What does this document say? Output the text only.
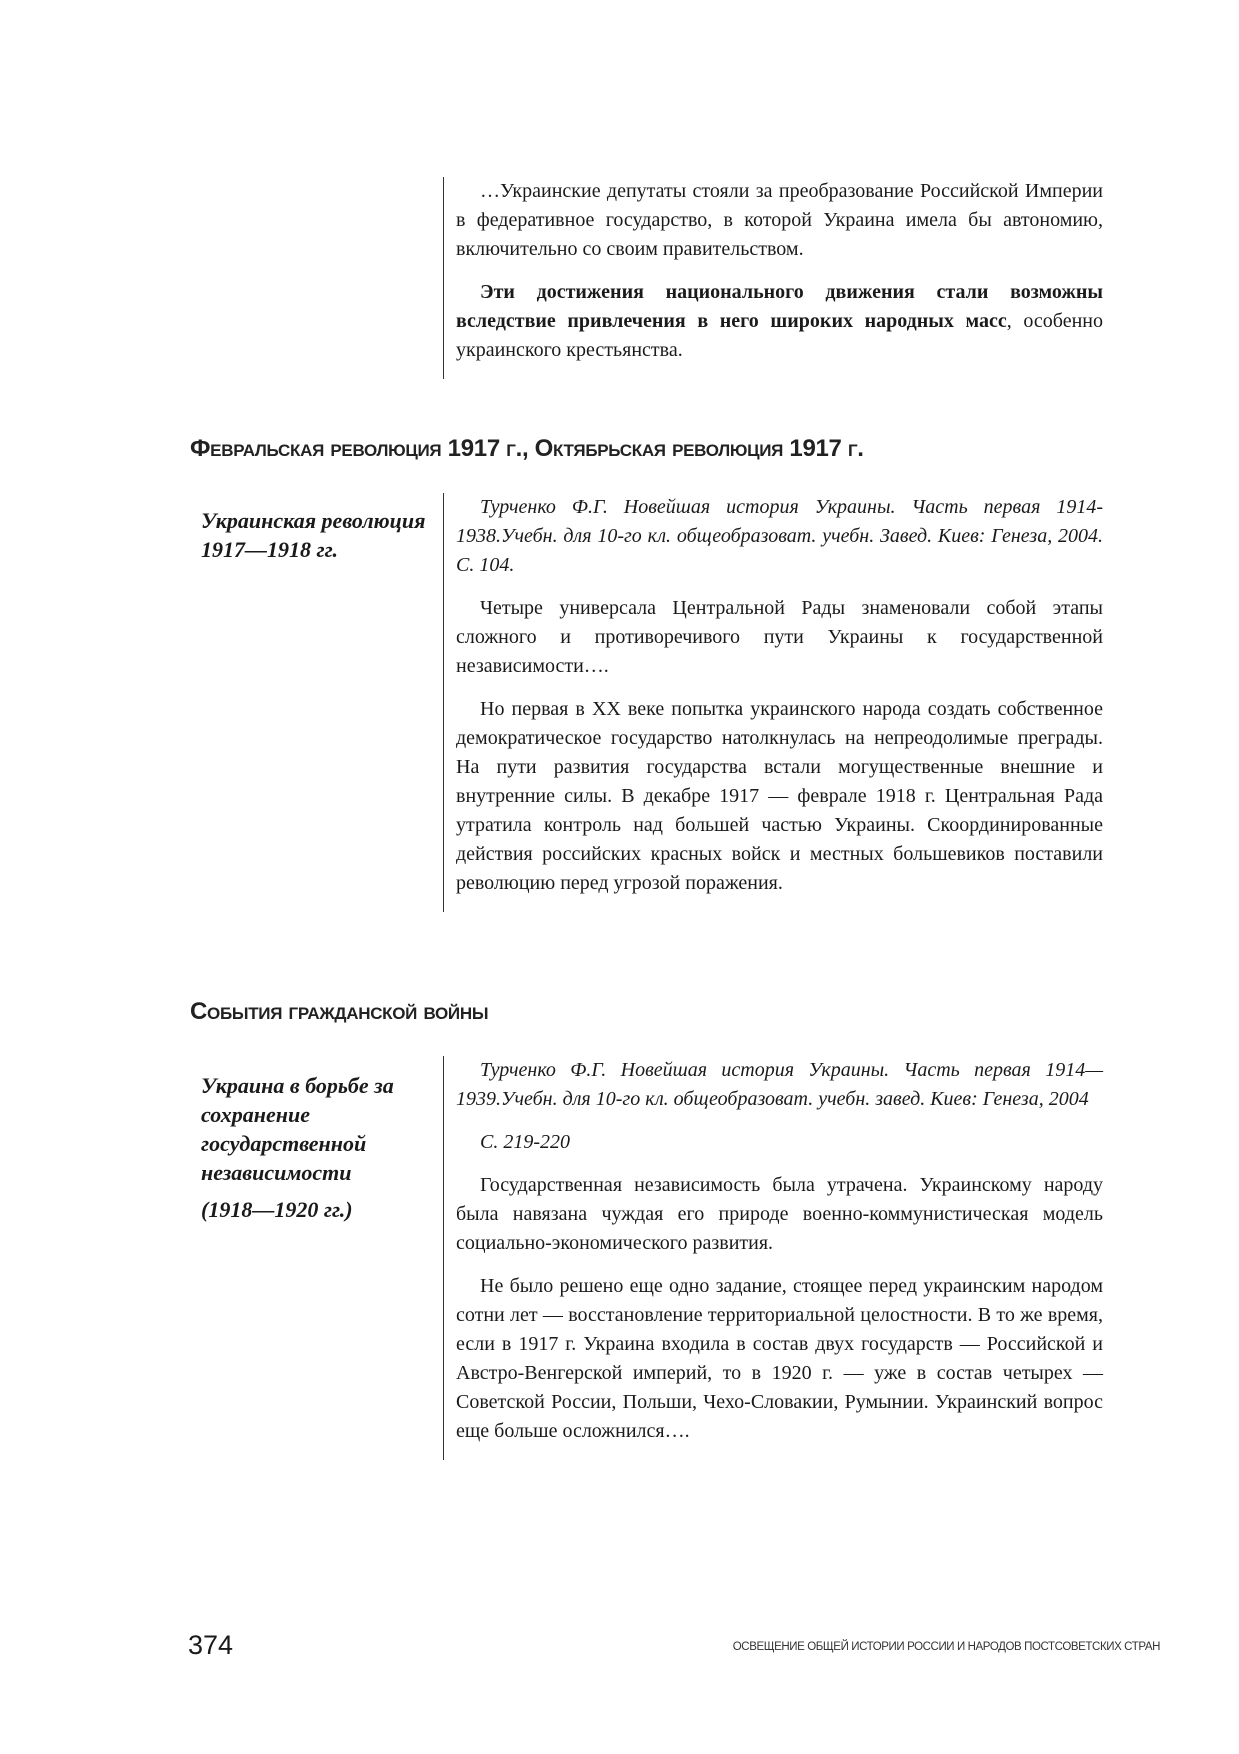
…Украинские депутаты стояли за преобразование Российской Империи в федеративное государство, в которой Украина имела бы автономию, включительно со своим правительством.

Эти достижения национального движения стали возможны вследствие привлечения в него широких народных масс, особенно украинского крестьянства.

Февральская революция 1917 г., Октябрьская революция 1917 г.
Украинская революция 1917—1918 гг.

Турченко Ф.Г. Новейшая история Украины. Часть первая 1914-1938.Учебн. для 10-го кл. общеобразоват. учебн. Завед. Киев: Генеза, 2004. С. 104.

Четыре универсала Центральной Рады знаменовали собой этапы сложного и противоречивого пути Украины к государственной независимости….

Но первая в XX веке попытка украинского народа создать собственное демократическое государство натолкнулась на непреодолимые преграды. На пути развития государства встали могущественные внешние и внутренние силы. В декабре 1917 — феврале 1918 г. Центральная Рада утратила контроль над большей частью Украины. Скоординированные действия российских красных войск и местных большевиков поставили революцию перед угрозой поражения.

События гражданской войны
Украина в борьбе за сохранение государственной независимости
(1918—1920 гг.)

Турченко Ф.Г. Новейшая история Украины. Часть первая 1914—1939.Учебн. для 10-го кл. общеобразоват. учебн. завед. Киев: Генеза, 2004

С. 219-220

Государственная независимость была утрачена. Украинскому народу была навязана чуждая его природе военно-коммунистическая модель социально-экономического развития.

Не было решено еще одно задание, стоящее перед украинским народом сотни лет — восстановление территориальной целостности. В то же время, если в 1917 г. Украина входила в состав двух государств — Российской и Австро-Венгерской империй, то в 1920 г. — уже в состав четырех — Советской России, Польши, Чехо-Словакии, Румынии. Украинский вопрос еще больше осложнился….

374	ОСВЕЩЕНИЕ ОБЩЕЙ ИСТОРИИ РОССИИ И НАРОДОВ ПОСТСОВЕТСКИХ СТРАН
